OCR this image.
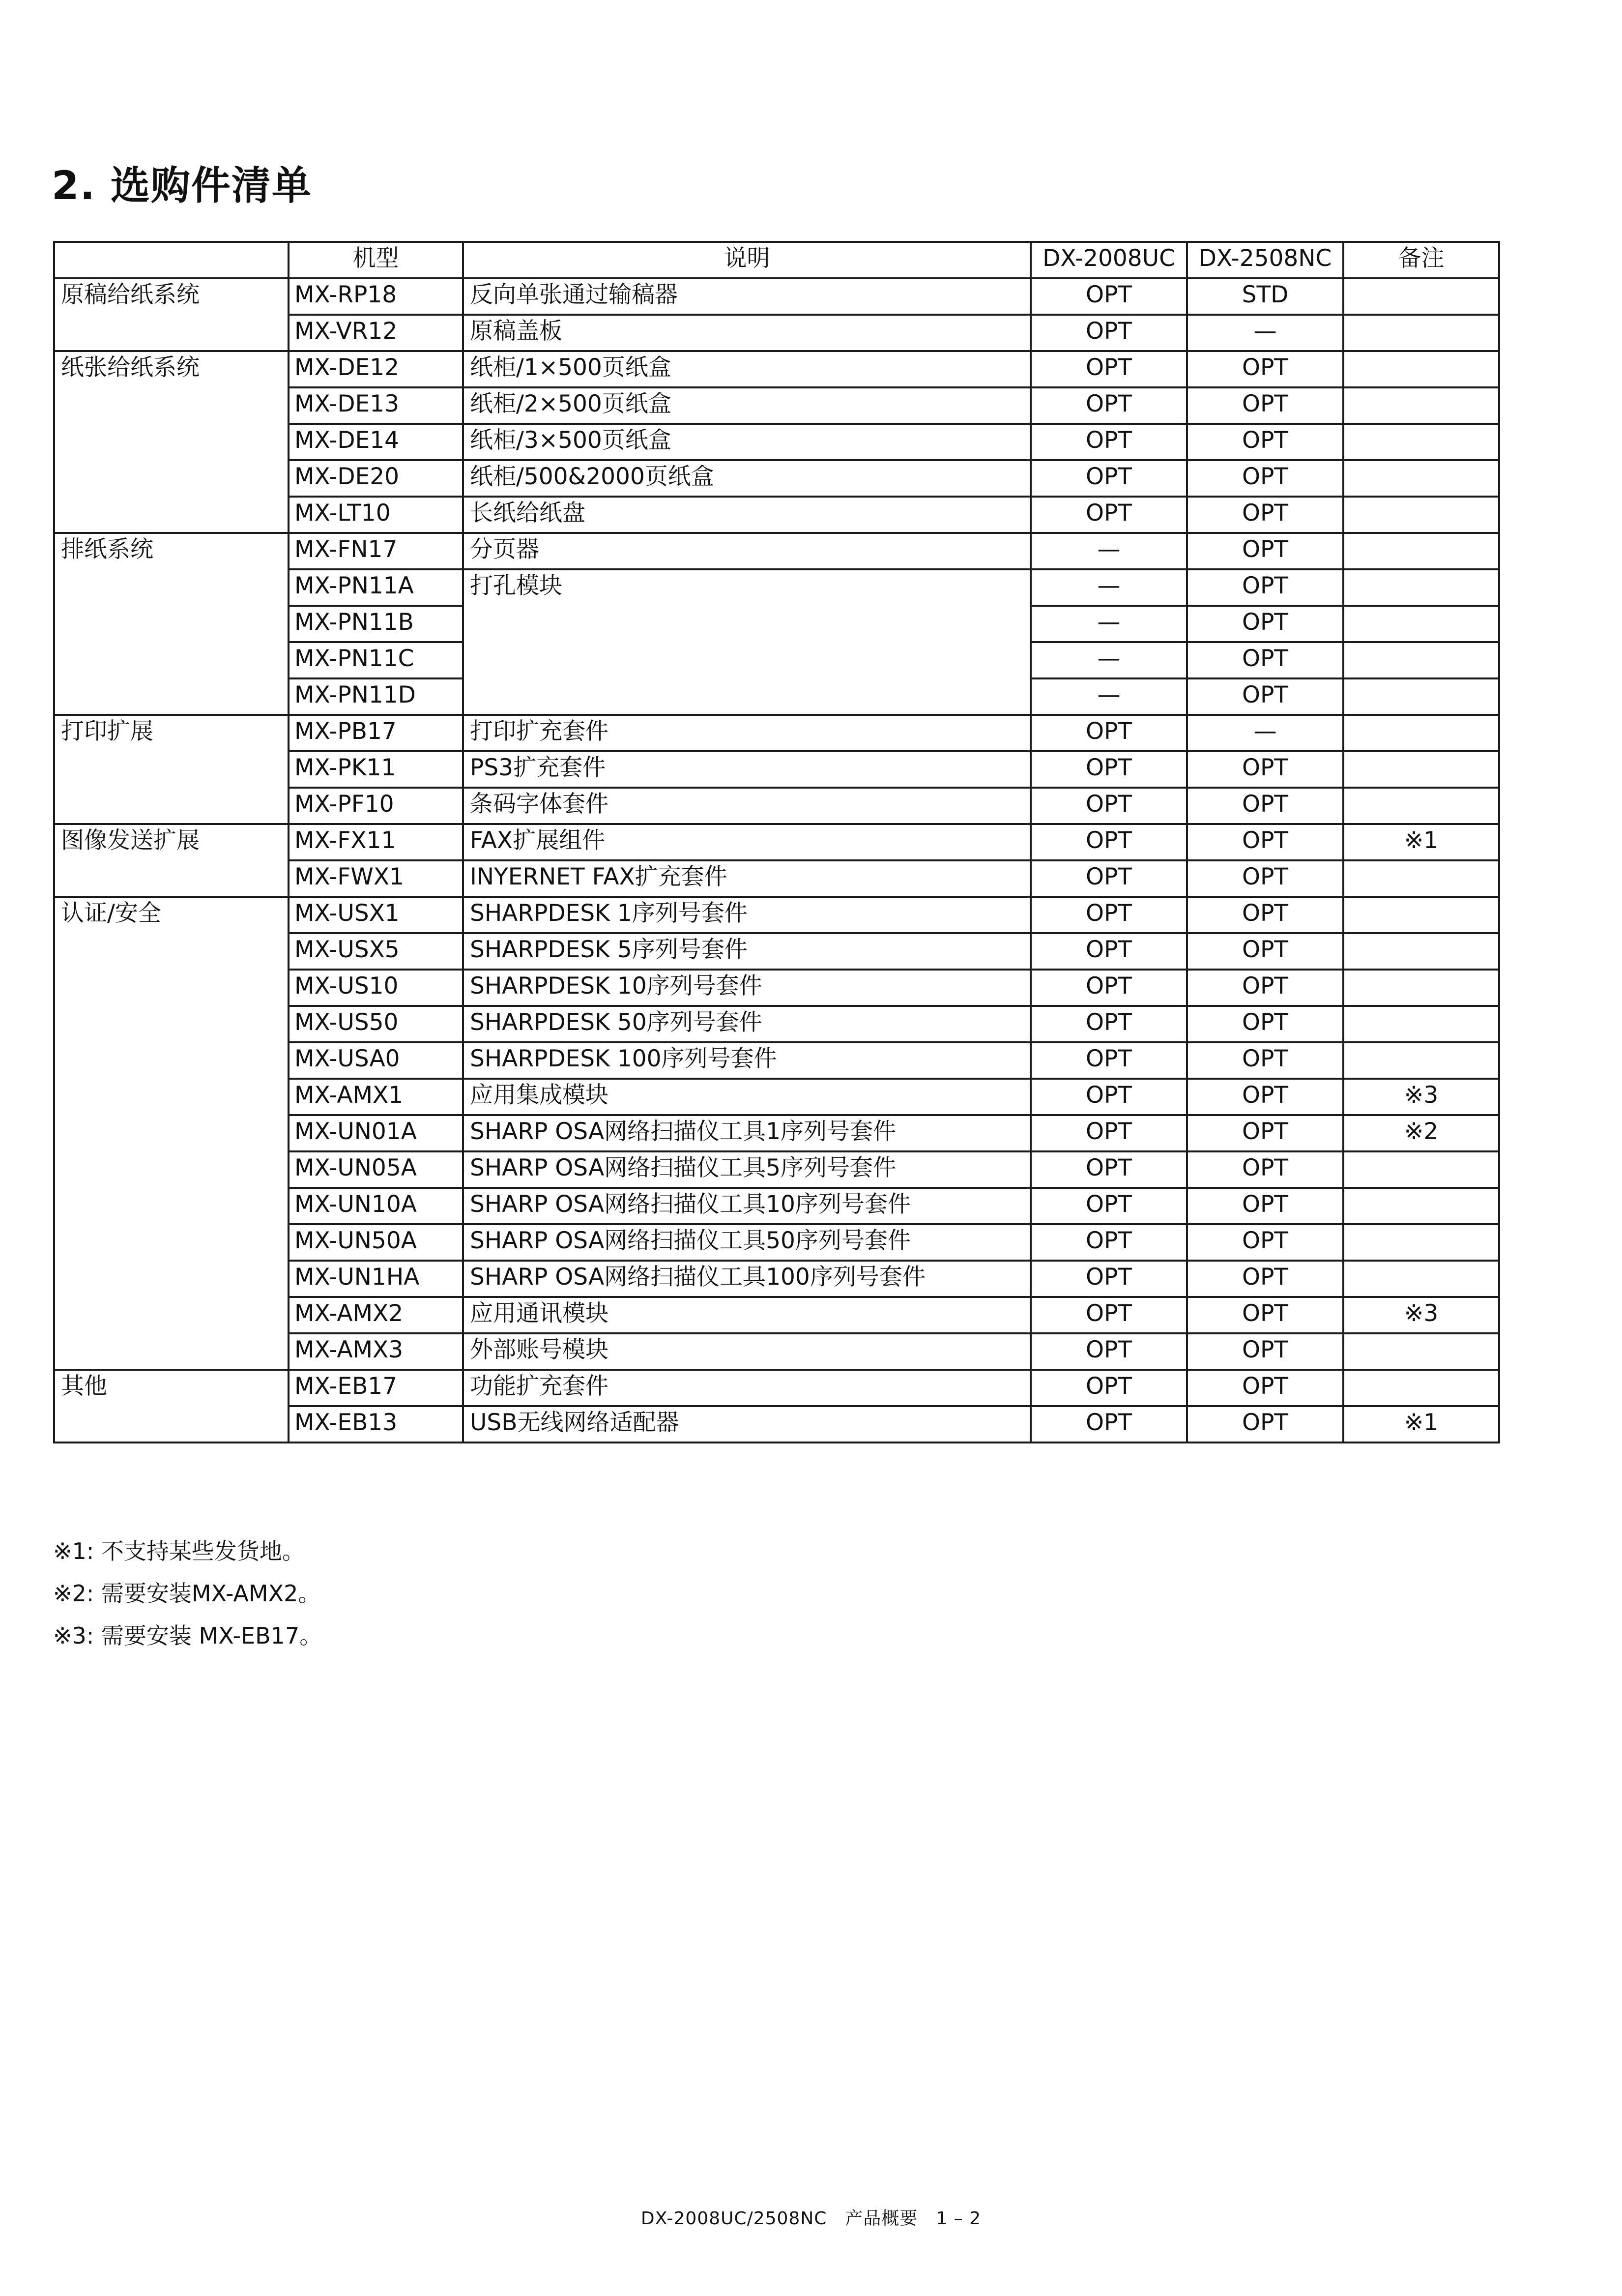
2. 选购件清单
	机型	说明	DX-2008UC	DX-2508NC	备注
原稿给纸系统	MX-RP18	反向单张通过输稿器	OPT	STD	
	MX-VR12	原稿盖板	OPT	—	
纸张给纸系统	MX-DE12	纸柜/1×500页纸盒	OPT	OPT	
	MX-DE13	纸柜/2×500页纸盒	OPT	OPT	
	MX-DE14	纸柜/3×500页纸盒	OPT	OPT	
	MX-DE20	纸柜/500&2000页纸盒	OPT	OPT	
	MX-LT10	长纸给纸盘	OPT	OPT	
排纸系统	MX-FN17	分页器	—	OPT	
	MX-PN11A	打孔模块	—	OPT	
	MX-PN11B		—	OPT	
	MX-PN11C		—	OPT	
	MX-PN11D		—	OPT	
打印扩展	MX-PB17	打印扩充套件	OPT	—	
	MX-PK11	PS3扩充套件	OPT	OPT	
	MX-PF10	条码字体套件	OPT	OPT	
图像发送扩展	MX-FX11	FAX扩展组件	OPT	OPT	※1
	MX-FWX1	INYERNET FAX扩充套件	OPT	OPT	
认证/安全	MX-USX1	SHARPDESK 1序列号套件	OPT	OPT	
	MX-USX5	SHARPDESK 5序列号套件	OPT	OPT	
	MX-US10	SHARPDESK 10序列号套件	OPT	OPT	
	MX-US50	SHARPDESK 50序列号套件	OPT	OPT	
	MX-USA0	SHARPDESK 100序列号套件	OPT	OPT	
	MX-AMX1	应用集成模块	OPT	OPT	※3
	MX-UN01A	SHARP OSA网络扫描仪工具1序列号套件	OPT	OPT	※2
	MX-UN05A	SHARP OSA网络扫描仪工具5序列号套件	OPT	OPT	
	MX-UN10A	SHARP OSA网络扫描仪工具10序列号套件	OPT	OPT	
	MX-UN50A	SHARP OSA网络扫描仪工具50序列号套件	OPT	OPT	
	MX-UN1HA	SHARP OSA网络扫描仪工具100序列号套件	OPT	OPT	
	MX-AMX2	应用通讯模块	OPT	OPT	※3
	MX-AMX3	外部账号模块	OPT	OPT	
其他	MX-EB17	功能扩充套件	OPT	OPT	
	MX-EB13	USB无线网络适配器	OPT	OPT	※1
※1: 不支持某些发货地。
※2: 需要安装MX-AMX2。
※3: 需要安装 MX-EB17。
DX-2008UC/2508NC　产品概要　1 – 2
